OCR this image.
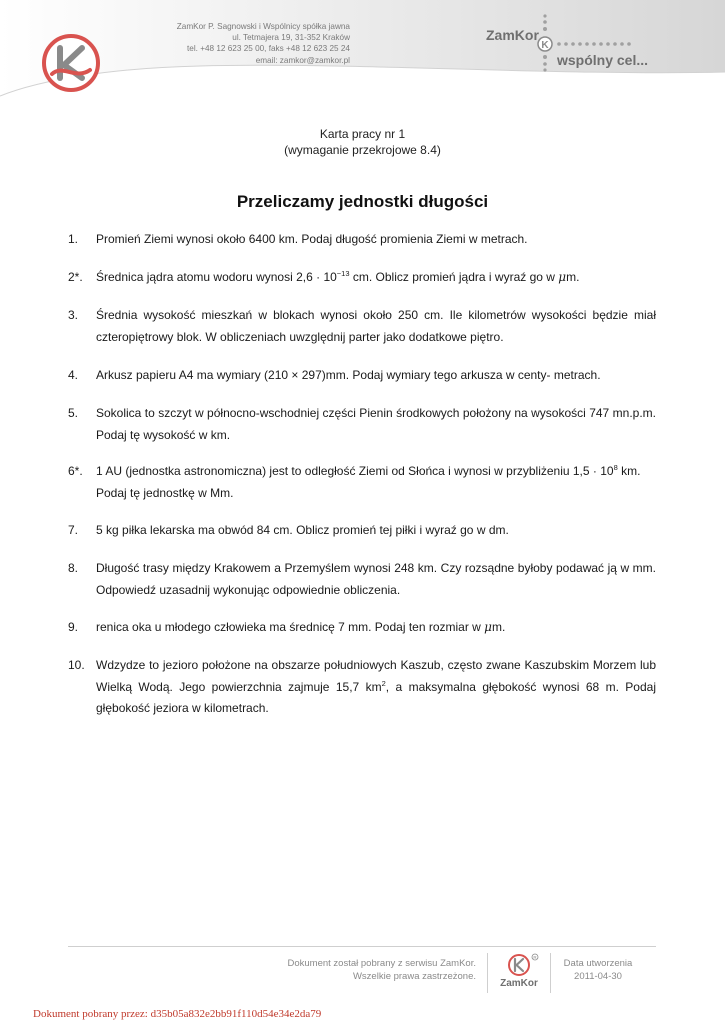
ZamKor P. Sagnowski i Wspólnicy spółka jawna
ul. Tetmajera 19, 31-352 Kraków
tel. +48 12 623 25 00, faks +48 12 623 25 24
email: zamkor@zamkor.pl
K
ZamKor
wspólny cel...
Karta pracy nr 1
(wymaganie przekrojowe 8.4)
Przeliczamy jednostki długości
1.	Promień Ziemi wynosi około 6400 km. Podaj długość promienia Ziemi w metrach.
2*.	Średnica jądra atomu wodoru wynosi $2,6 \cdot 10^{-13}$ cm. Oblicz promień jądra i wyraź go w μm.
3.	Średnia wysokość mieszkań w blokach wynosi około 250 cm. Ile kilometrów wysokości będzie miał czteropiętrowy blok. W obliczeniach uwzględnij parter jako dodatkowe piętro.
4.	Arkusz papieru A4 ma wymiary (210 × 297)mm. Podaj wymiary tego arkusza w centy- metrach.
5.	Sokolica to szczyt w północno-wschodniej części Pienin środkowych położony na wysokości 747 mn.p.m. Podaj tę wysokość w km.
6*.	1 AU (jednostka astronomiczna) jest to odległość Ziemi od Słońca i wynosi w przybliżeniu $1,5 \cdot 10^8$ km. Podaj tę jednostkę w Mm.
7.	5 kg piłka lekarska ma obwód 84 cm. Oblicz promień tej piłki i wyraź go w dm.
8.	Długość trasy między Krakowem a Przemyślem wynosi 248 km. Czy rozsądne byłoby podawać ją w mm. Odpowiedź uzasadnij wykonując odpowiednie obliczenia.
9.	renica oka u młodego człowieka ma średnicę 7 mm. Podaj ten rozmiar w μm.
10. Wdzydze to jezioro położone na obszarze południowych Kaszub, często zwane Kaszubskim Morzem lub Wielką Wodą. Jego powierzchnia zajmuje 15,7 $km^2$, a maksymalna głębokość wynosi 68 m. Podaj głębokość jeziora w kilometrach.
Dokument został pobrany z serwisu ZamKor.
Wszelkie prawa zastrzeżone.
R
ZamKor
Data utworzenia
2011-04-30
Dokument pobrany przez: d35b05a832e2bb91f110d54e34e2da79
